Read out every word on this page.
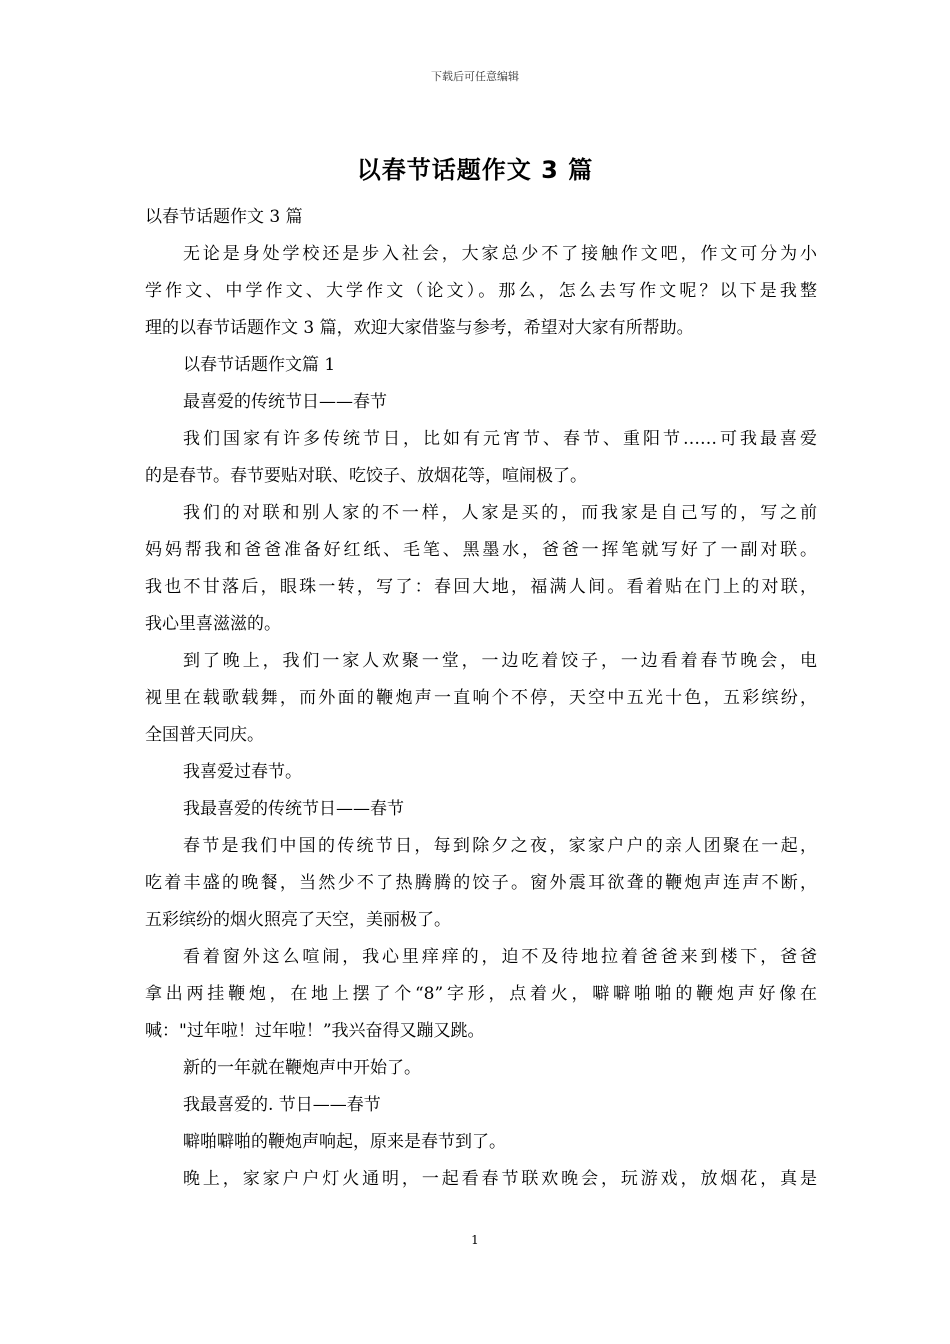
下载后可任意编辑
以春节话题作文 3 篇
以春节话题作文 3 篇
无论是身处学校还是步入社会，大家总少不了接触作文吧，作文可分为小
学作文、中学作文、大学作文（论文）。那么，怎么去写作文呢？以下是我整
理的以春节话题作文 3 篇，欢迎大家借鉴与参考，希望对大家有所帮助。
以春节话题作文篇 1
最喜爱的传统节日——春节
我们国家有许多传统节日，比如有元宵节、春节、重阳节……可我最喜爱
的是春节。春节要贴对联、吃饺子、放烟花等，喧闹极了。
我们的对联和别人家的不一样，人家是买的，而我家是自己写的，写之前
妈妈帮我和爸爸准备好红纸、毛笔、黑墨水，爸爸一挥笔就写好了一副对联。
我也不甘落后，眼珠一转，写了：春回大地，福满人间。看着贴在门上的对联，
我心里喜滋滋的。
到了晚上，我们一家人欢聚一堂，一边吃着饺子，一边看着春节晚会，电
视里在载歌载舞，而外面的鞭炮声一直响个不停，天空中五光十色，五彩缤纷，
全国普天同庆。
我喜爱过春节。
我最喜爱的传统节日——春节
春节是我们中国的传统节日，每到除夕之夜，家家户户的亲人团聚在一起，
吃着丰盛的晚餐，当然少不了热腾腾的饺子。窗外震耳欲聋的鞭炮声连声不断，
五彩缤纷的烟火照亮了天空，美丽极了。
看着窗外这么喧闹，我心里痒痒的，迫不及待地拉着爸爸来到楼下，爸爸
拿出两挂鞭炮，在地上摆了个“8”字形，点着火，噼噼啪啪的鞭炮声好像在
喊："过年啦！过年啦！”我兴奋得又蹦又跳。
新的一年就在鞭炮声中开始了。
我最喜爱的. 节日——春节
噼啪噼啪的鞭炮声响起，原来是春节到了。
晚上，家家户户灯火通明，一起看春节联欢晚会，玩游戏，放烟花，真是
1
